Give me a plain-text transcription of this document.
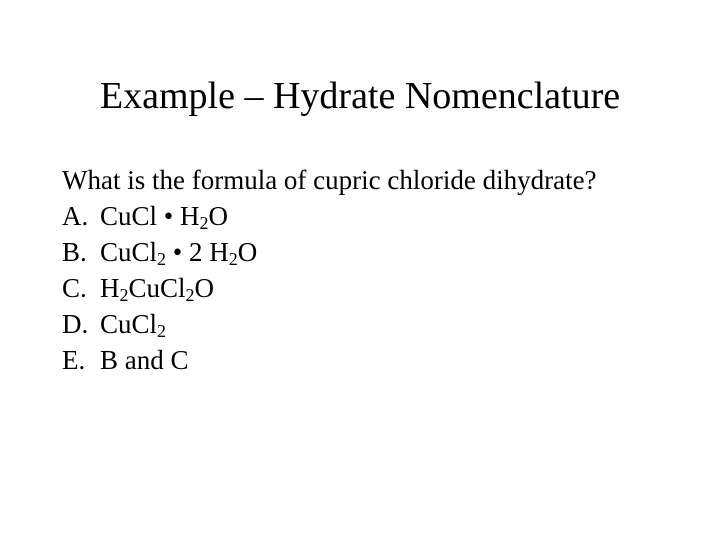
Example – Hydrate Nomenclature
What is the formula of cupric chloride dihydrate?
A. CuCl • $H_2O$
B. CuCl$_2$ • 2 $H_2O$
C. $H_2CuCl_2O$
D. CuCl$_2$
E. B and C
